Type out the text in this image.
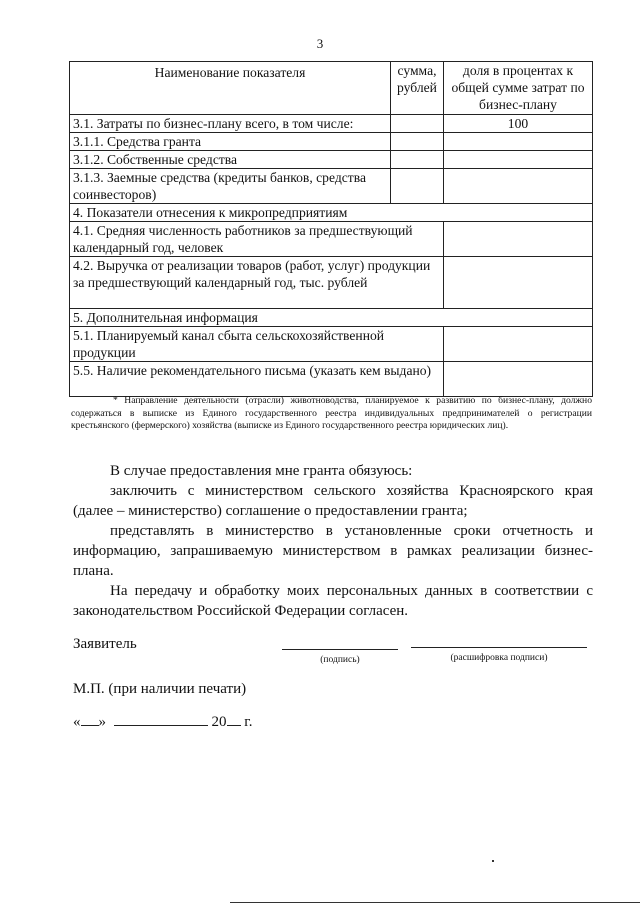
3
Наименование показателя	сумма, рублей	доля в процентах к общей сумме затрат по бизнес-плану
3.1. Затраты по бизнес-плану всего, в том числе:		100
3.1.1. Средства гранта		
3.1.2. Собственные средства		
3.1.3. Заемные средства (кредиты банков, средства соинвесторов)		
4. Показатели отнесения к микропредприятиям		
4.1. Средняя численность работников за предшествующий календарный год, человек		
4.2. Выручка от реализации товаров (работ, услуг) продукции за предшествующий календарный год, тыс. рублей		
5. Дополнительная информация		
5.1. Планируемый канал сбыта сельскохозяйственной продукции		
5.5. Наличие рекомендательного письма (указать кем выдано)		
* Направление деятельности (отрасли) животноводства, планируемое к развитию по бизнес-плану, должно содержаться в выписке из Единого государственного реестра индивидуальных предпринимателей о регистрации крестьянского (фермерского) хозяйства (выписке из Единого государственного реестра юридических лиц).
В случае предоставления мне гранта обязуюсь:
заключить с министерством сельского хозяйства Красноярского края (далее – министерство) соглашение о предоставлении гранта;
представлять в министерство в установленные сроки отчетность и информацию, запрашиваемую министерством в рамках реализации бизнес-плана.
На передачу и обработку моих персональных данных в соответствии с законодательством Российской Федерации согласен.
Заявитель
(подпись)	(расшифровка подписи)
М.П. (при наличии печати)
« »	20 г.
